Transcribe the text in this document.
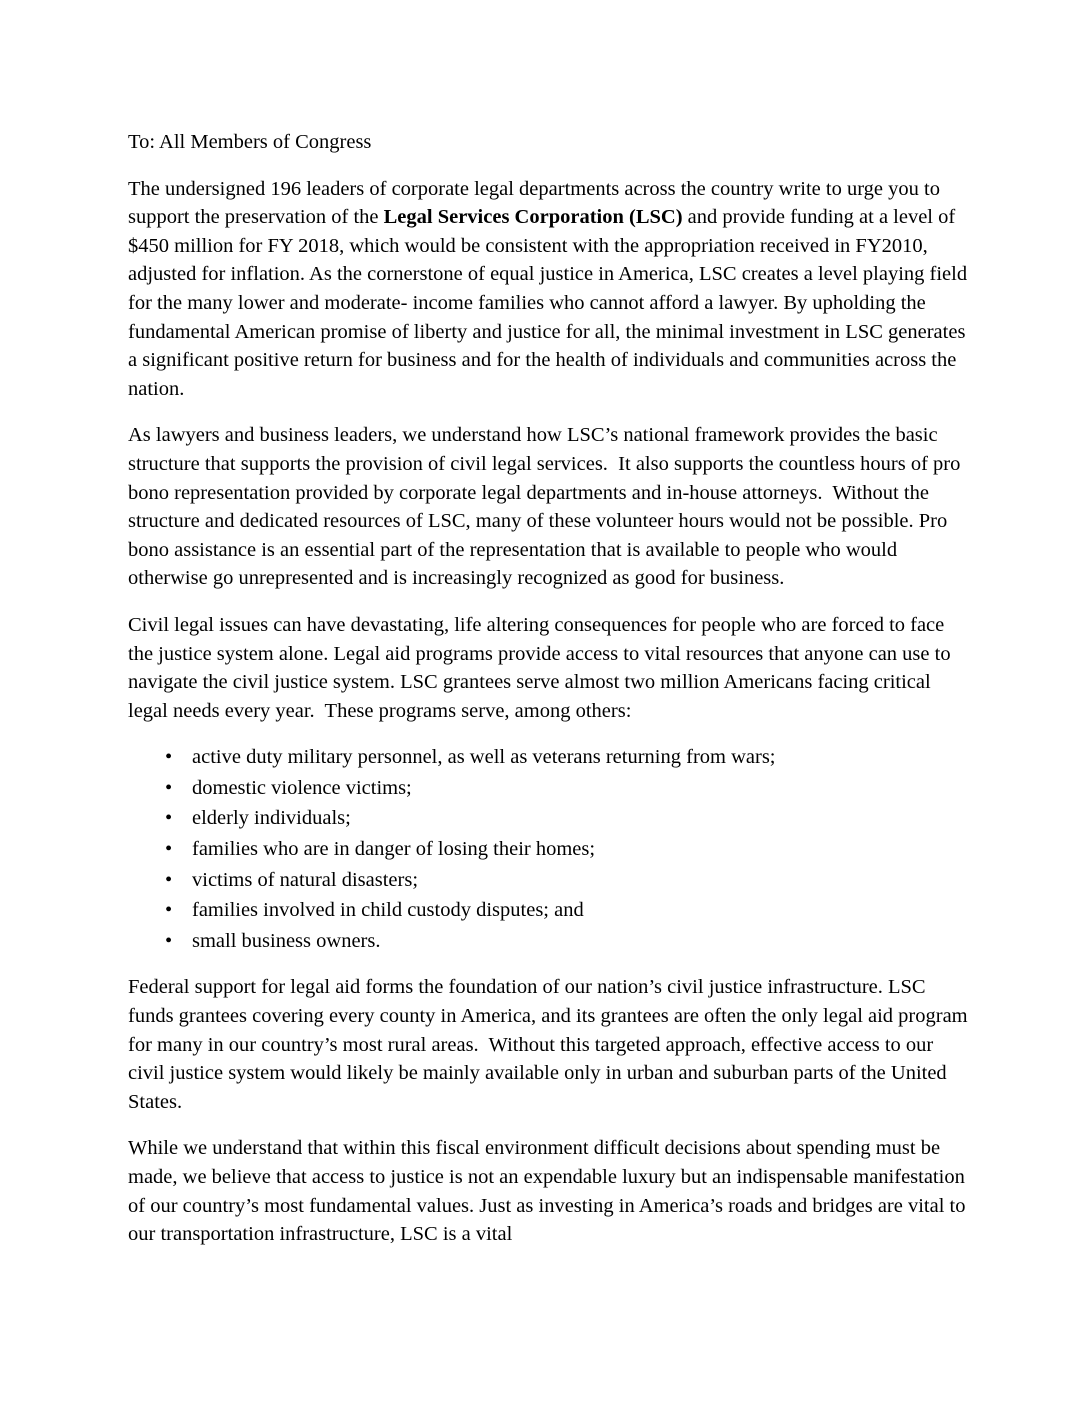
To: All Members of Congress

The undersigned 196 leaders of corporate legal departments across the country write to urge you to support the preservation of the Legal Services Corporation (LSC) and provide funding at a level of $450 million for FY 2018, which would be consistent with the appropriation received in FY2010, adjusted for inflation. As the cornerstone of equal justice in America, LSC creates a level playing field for the many lower and moderate- income families who cannot afford a lawyer. By upholding the fundamental American promise of liberty and justice for all, the minimal investment in LSC generates a significant positive return for business and for the health of individuals and communities across the nation.

As lawyers and business leaders, we understand how LSC’s national framework provides the basic structure that supports the provision of civil legal services.  It also supports the countless hours of pro bono representation provided by corporate legal departments and in-house attorneys.  Without the structure and dedicated resources of LSC, many of these volunteer hours would not be possible. Pro bono assistance is an essential part of the representation that is available to people who would otherwise go unrepresented and is increasingly recognized as good for business.

Civil legal issues can have devastating, life altering consequences for people who are forced to face the justice system alone. Legal aid programs provide access to vital resources that anyone can use to navigate the civil justice system. LSC grantees serve almost two million Americans facing critical legal needs every year.  These programs serve, among others:

• active duty military personnel, as well as veterans returning from wars;
• domestic violence victims;
• elderly individuals;
• families who are in danger of losing their homes;
• victims of natural disasters;
• families involved in child custody disputes; and
• small business owners.

Federal support for legal aid forms the foundation of our nation’s civil justice infrastructure. LSC funds grantees covering every county in America, and its grantees are often the only legal aid program for many in our country’s most rural areas.  Without this targeted approach, effective access to our civil justice system would likely be mainly available only in urban and suburban parts of the United States.

While we understand that within this fiscal environment difficult decisions about spending must be made, we believe that access to justice is not an expendable luxury but an indispensable manifestation of our country’s most fundamental values. Just as investing in America’s roads and bridges are vital to our transportation infrastructure, LSC is a vital
